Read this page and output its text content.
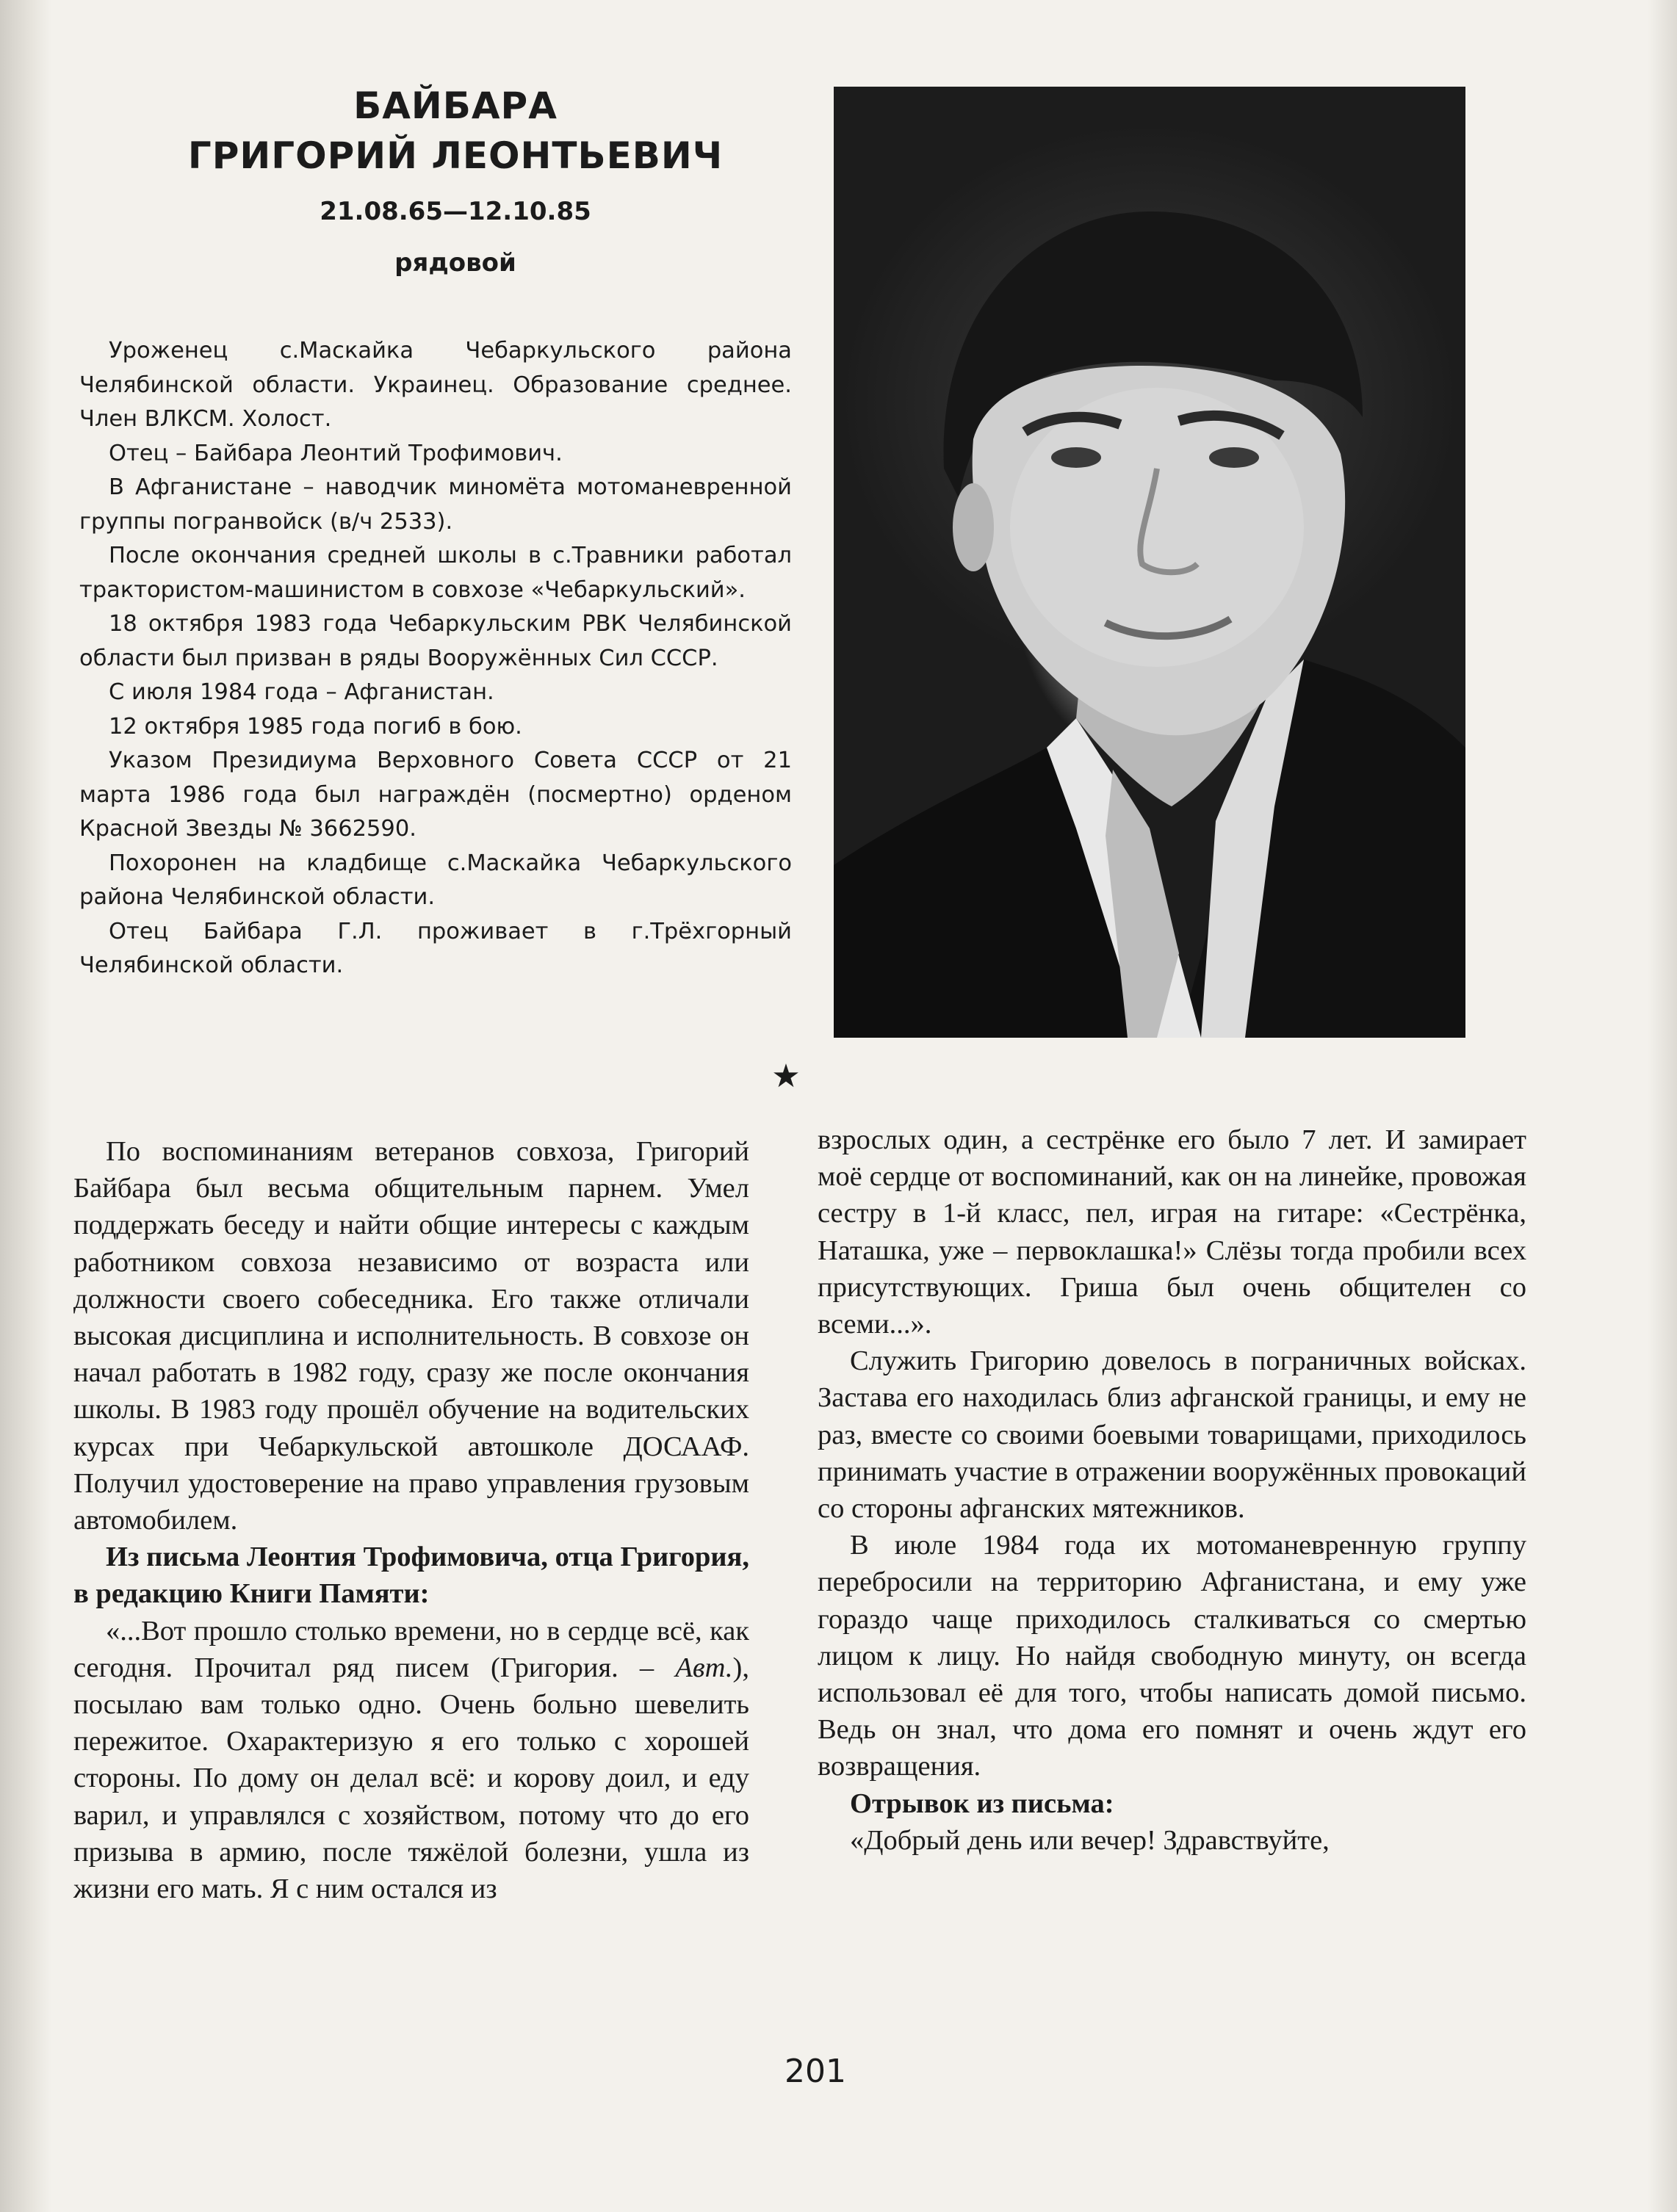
БАЙБАРА
ГРИГОРИЙ ЛЕОНТЬЕВИЧ
21.08.65—12.10.85
рядовой

Уроженец с.Маскайка Чебаркульского района Челябинской области. Украинец. Образование среднее. Член ВЛКСМ. Холост.

Отец – Байбара Леонтий Трофимович.

В Афганистане – наводчик миномёта мотоманевренной группы погранвойск (в/ч 2533).

После окончания средней школы в с.Травники работал трактористом-машинистом в совхозе «Чебаркульский».

18 октября 1983 года Чебаркульским РВК Челябинской области был призван в ряды Вооружённых Сил СССР.

С июля 1984 года – Афганистан.

12 октября 1985 года погиб в бою.

Указом Президиума Верховного Совета СССР от 21 марта 1986 года был награждён (посмертно) орденом Красной Звезды № 3662590.

Похоронен на кладбище с.Маскайка Чебаркульского района Челябинской области.

Отец Байбара Г.Л. проживает в г.Трёхгорный Челябинской области.

★

По воспоминаниям ветеранов совхоза, Григорий Байбара был весьма общительным парнем. Умел поддержать беседу и найти общие интересы с каждым работником совхоза независимо от возраста или должности своего собеседника. Его также отличали высокая дисциплина и исполнительность. В совхозе он начал работать в 1982 году, сразу же после окончания школы. В 1983 году прошёл обучение на водительских курсах при Чебаркульской автошколе ДОСААФ. Получил удостоверение на право управления грузовым автомобилем.

Из письма Леонтия Трофимовича, отца Григория, в редакцию Книги Памяти:

«...Вот прошло столько времени, но в сердце всё, как сегодня. Прочитал ряд писем (Григория. – Авт.), посылаю вам только одно. Очень больно шевелить пережитое. Охарактеризую я его только с хорошей стороны. По дому он делал всё: и корову доил, и еду варил, и управлялся с хозяйством, потому что до его призыва в армию, после тяжёлой болезни, ушла из жизни его мать. Я с ним остался из

взрослых один, а сестрёнке его было 7 лет. И замирает моё сердце от воспоминаний, как он на линейке, провожая сестру в 1-й класс, пел, играя на гитаре: «Сестрёнка, Наташка, уже – первоклашка!» Слёзы тогда пробили всех присутствующих. Гриша был очень общителен со всеми...».

Служить Григорию довелось в пограничных войсках. Застава его находилась близ афганской границы, и ему не раз, вместе со своими боевыми товарищами, приходилось принимать участие в отражении вооружённых провокаций со стороны афганских мятежников.

В июле 1984 года их мотоманевренную группу перебросили на территорию Афганистана, и ему уже гораздо чаще приходилось сталкиваться со смертью лицом к лицу. Но найдя свободную минуту, он всегда использовал её для того, чтобы написать домой письмо. Ведь он знал, что дома его помнят и очень ждут его возвращения.

Отрывок из письма:

«Добрый день или вечер! Здравствуйте,

201
